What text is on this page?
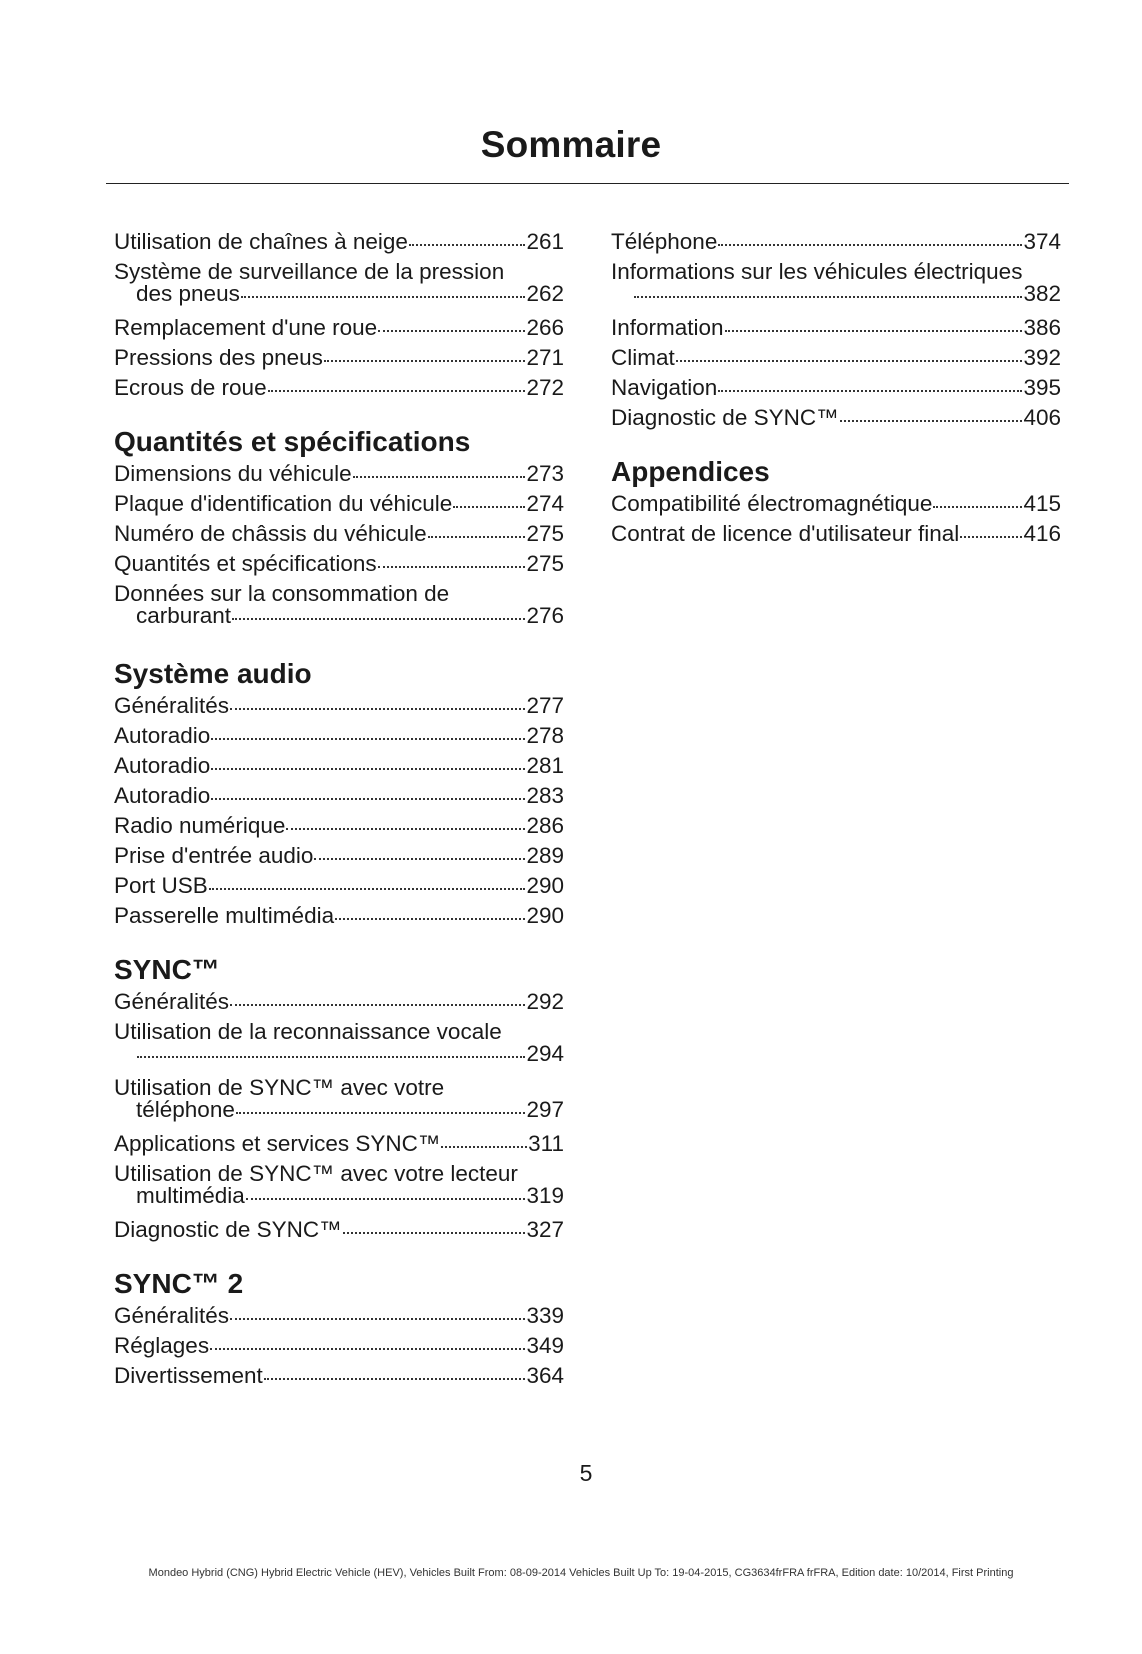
Sommaire
Utilisation de chaînes à neige	261
Système de surveillance de la pression
des pneus	262
Remplacement d'une roue	266
Pressions des pneus	271
Ecrous de roue	272
Quantités et spécifications
Dimensions du véhicule	273
Plaque d'identification du véhicule	274
Numéro de châssis du véhicule	275
Quantités et spécifications	275
Données sur la consommation de
carburant	276
Système audio
Généralités	277
Autoradio	278
Autoradio	281
Autoradio	283
Radio numérique	286
Prise d'entrée audio	289
Port USB	290
Passerelle multimédia	290
SYNC™
Généralités	292
Utilisation de la reconnaissance vocale
294
Utilisation de SYNC™ avec votre
téléphone	297
Applications et services SYNC™	311
Utilisation de SYNC™ avec votre lecteur
multimédia	319
Diagnostic de SYNC™	327
SYNC™ 2
Généralités	339
Réglages	349
Divertissement	364
Téléphone	374
Informations sur les véhicules électriques
382
Information	386
Climat	392
Navigation	395
Diagnostic de SYNC™	406
Appendices
Compatibilité électromagnétique	415
Contrat de licence d'utilisateur final	416
5
Mondeo Hybrid (CNG) Hybrid Electric Vehicle (HEV), Vehicles Built From: 08-09-2014 Vehicles Built Up To: 19-04-2015, CG3634frFRA frFRA, Edition date: 10/2014, First Printing
